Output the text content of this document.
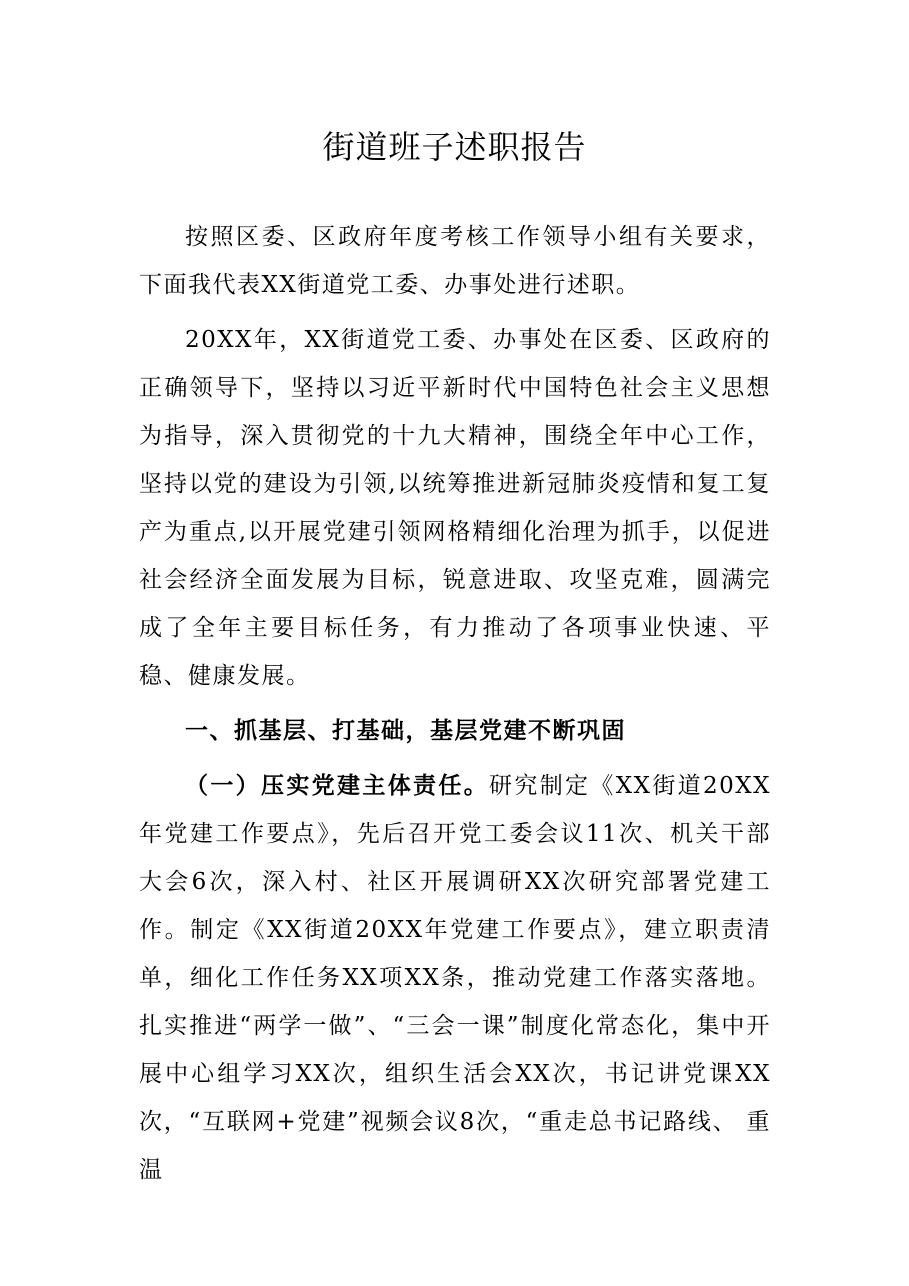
街道班子述职报告

按照区委、区政府年度考核工作领导小组有关要求，下面我代表XX街道党工委、办事处进行述职。

20XX年，XX街道党工委、办事处在区委、区政府的正确领导下，坚持以习近平新时代中国特色社会主义思想为指导，深入贯彻党的十九大精神，围绕全年中心工作，坚持以党的建设为引领,以统筹推进新冠肺炎疫情和复工复产为重点,以开展党建引领网格精细化治理为抓手，以促进社会经济全面发展为目标，锐意进取、攻坚克难，圆满完成了全年主要目标任务，有力推动了各项事业快速、平稳、健康发展。

一、抓基层、打基础，基层党建不断巩固

（一）压实党建主体责任。研究制定《XX街道20XX年党建工作要点》，先后召开党工委会议11次、机关干部大会6次，深入村、社区开展调研XX次研究部署党建工作。制定《XX街道20XX年党建工作要点》，建立职责清单，细化工作任务XX项XX条，推动党建工作落实落地。扎实推进“两学一做”、“三会一课”制度化常态化，集中开展中心组学习XX次，组织生活会XX次，书记讲党课XX次，“互联网+党建”视频会议8次，“重走总书记路线、 重温
